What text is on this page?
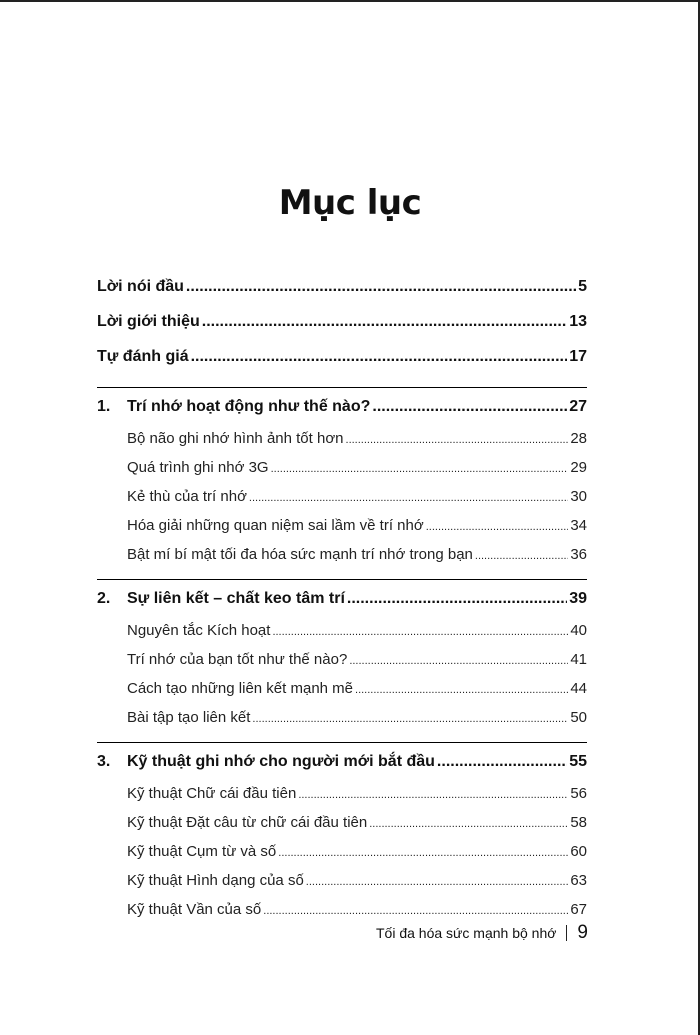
Mục lục
Lời nói đầu .....	5
Lời giới thiệu .....	13
Tự đánh giá .....	17
1.	Trí nhớ hoạt động như thế nào? .....	27
Bộ não ghi nhớ hình ảnh tốt hơn .....	28
Quá trình ghi nhớ 3G .....	29
Kẻ thù của trí nhớ .....	30
Hóa giải những quan niệm sai lầm về trí nhớ .....	34
Bật mí bí mật tối đa hóa sức mạnh trí nhớ trong bạn .....	36
2.	Sự liên kết – chất keo tâm trí .....	39
Nguyên tắc Kích hoạt .....	40
Trí nhớ của bạn tốt như thế nào? .....	41
Cách tạo những liên kết mạnh mẽ .....	44
Bài tập tạo liên kết .....	50
3.	Kỹ thuật ghi nhớ cho người mới bắt đầu .....	55
Kỹ thuật Chữ cái đầu tiên .....	56
Kỹ thuật Đặt câu từ chữ cái đầu tiên .....	58
Kỹ thuật Cụm từ và số .....	60
Kỹ thuật Hình dạng của số .....	63
Kỹ thuật Vần của số .....	67
Tối đa hóa sức mạnh bộ nhớ 9
